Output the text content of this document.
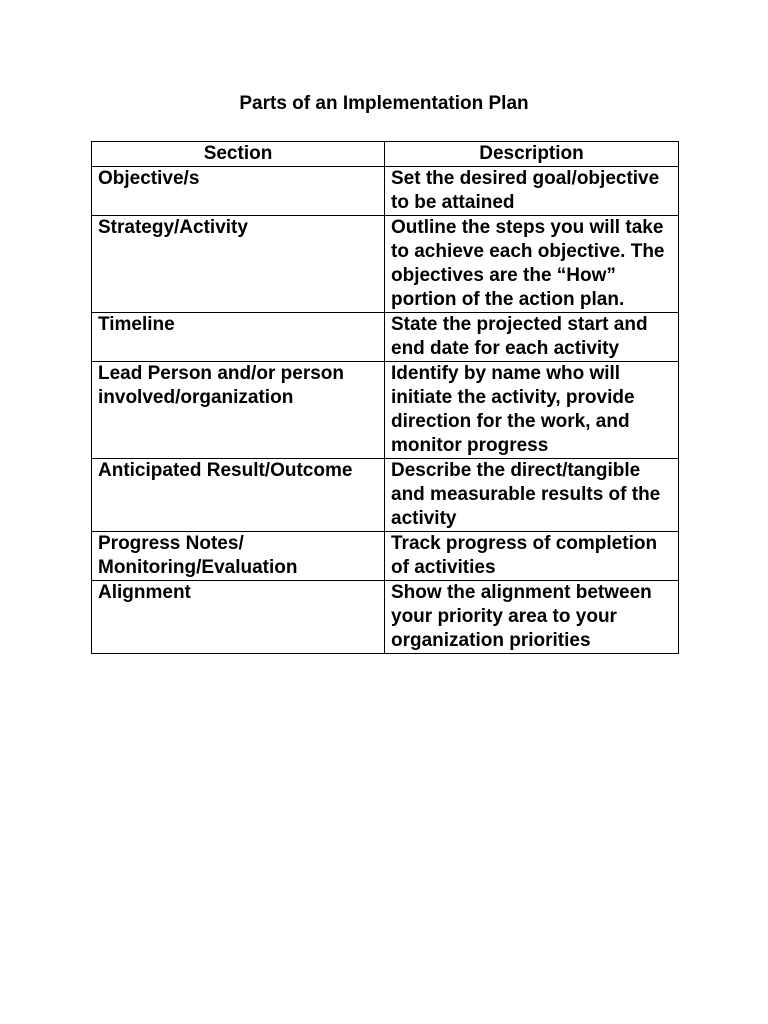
Parts of an Implementation Plan
Section	Description
Objective/s	Set the desired goal/objective to be attained
Strategy/Activity	Outline the steps you will take to achieve each objective. The objectives are the “How” portion of the action plan.
Timeline	State the projected start and end date for each activity
Lead Person and/or person involved/organization	Identify by name who will initiate the activity, provide direction for the work, and monitor progress
Anticipated Result/Outcome	Describe the direct/tangible and measurable results of the activity
Progress Notes/ Monitoring/Evaluation	Track progress of completion of activities
Alignment	Show the alignment between your priority area to your organization priorities
